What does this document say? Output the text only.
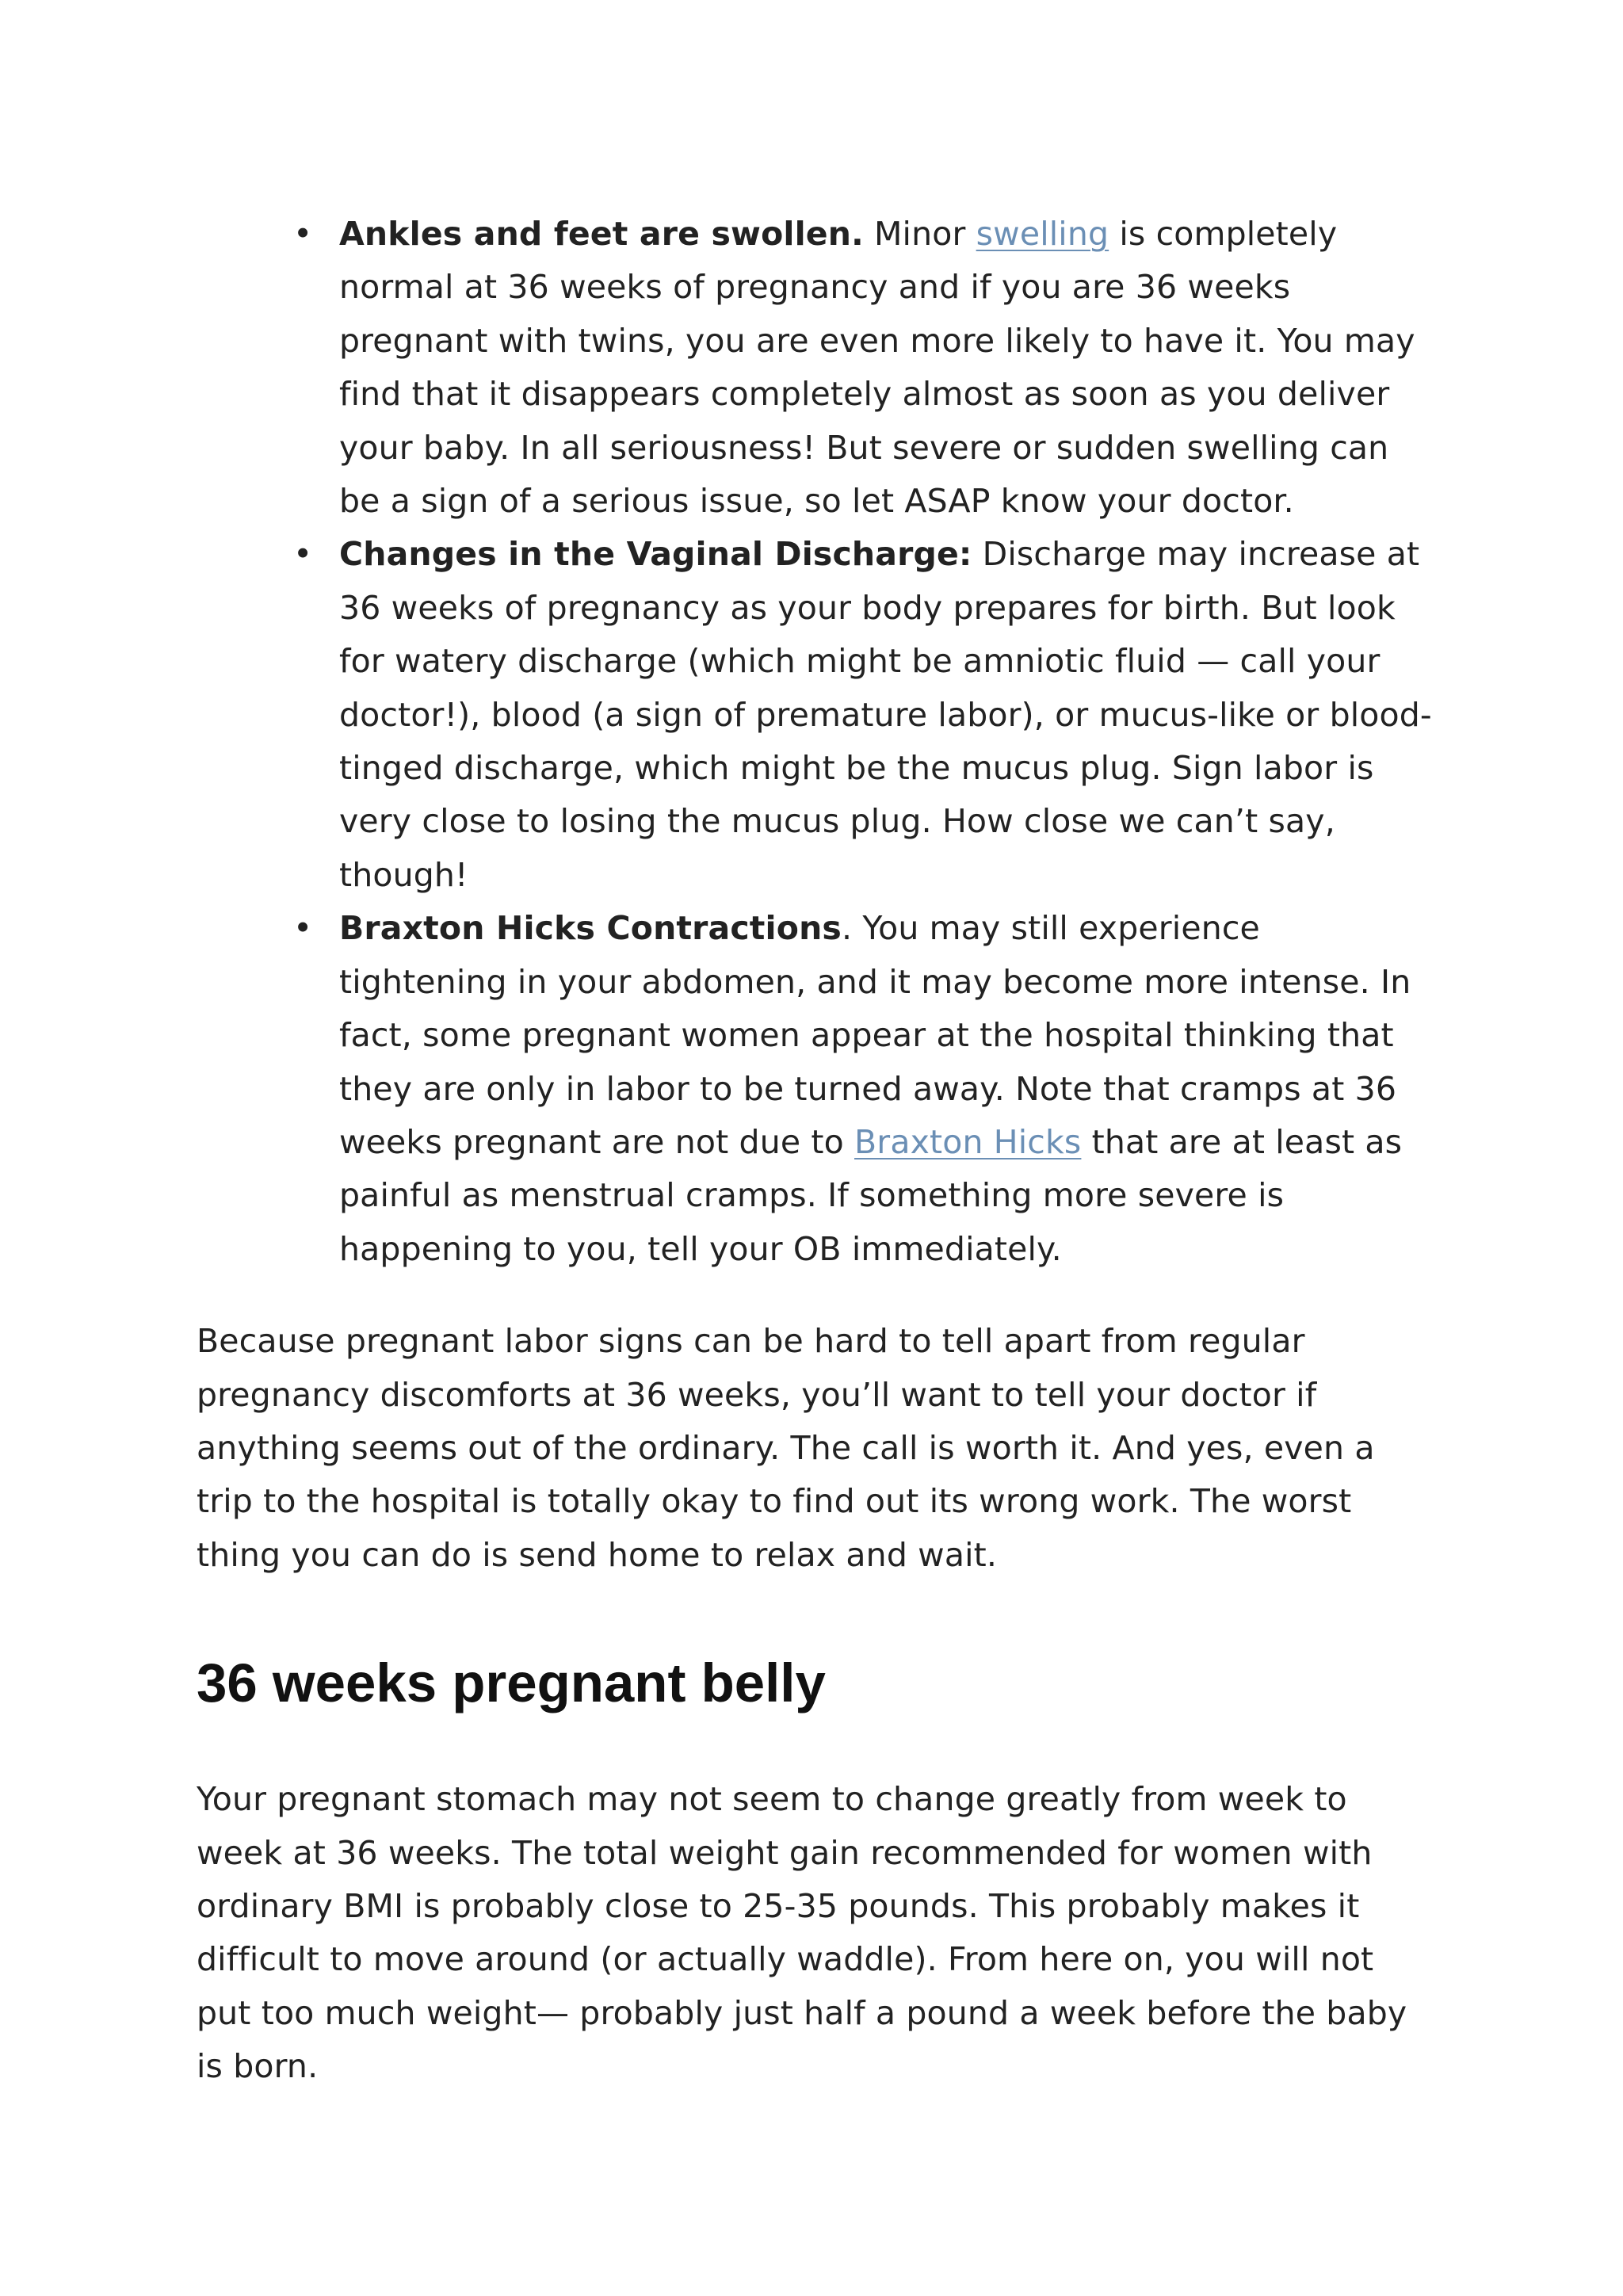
• Ankles and feet are swollen. Minor swelling is completely normal at 36 weeks of pregnancy and if you are 36 weeks pregnant with twins, you are even more likely to have it. You may find that it disappears completely almost as soon as you deliver your baby. In all seriousness! But severe or sudden swelling can be a sign of a serious issue, so let ASAP know your doctor.
• Changes in the Vaginal Discharge: Discharge may increase at 36 weeks of pregnancy as your body prepares for birth. But look for watery discharge (which might be amniotic fluid — call your doctor!), blood (a sign of premature labor), or mucus-like or blood-tinged discharge, which might be the mucus plug. Sign labor is very close to losing the mucus plug. How close we can’t say, though!
• Braxton Hicks Contractions. You may still experience tightening in your abdomen, and it may become more intense. In fact, some pregnant women appear at the hospital thinking that they are only in labor to be turned away. Note that cramps at 36 weeks pregnant are not due to Braxton Hicks that are at least as painful as menstrual cramps. If something more severe is happening to you, tell your OB immediately.

Because pregnant labor signs can be hard to tell apart from regular pregnancy discomforts at 36 weeks, you’ll want to tell your doctor if anything seems out of the ordinary. The call is worth it. And yes, even a trip to the hospital is totally okay to find out its wrong work. The worst thing you can do is send home to relax and wait.

36 weeks pregnant belly

Your pregnant stomach may not seem to change greatly from week to week at 36 weeks. The total weight gain recommended for women with ordinary BMI is probably close to 25-35 pounds. This probably makes it difficult to move around (or actually waddle). From here on, you will not put too much weight— probably just half a pound a week before the baby is born.
